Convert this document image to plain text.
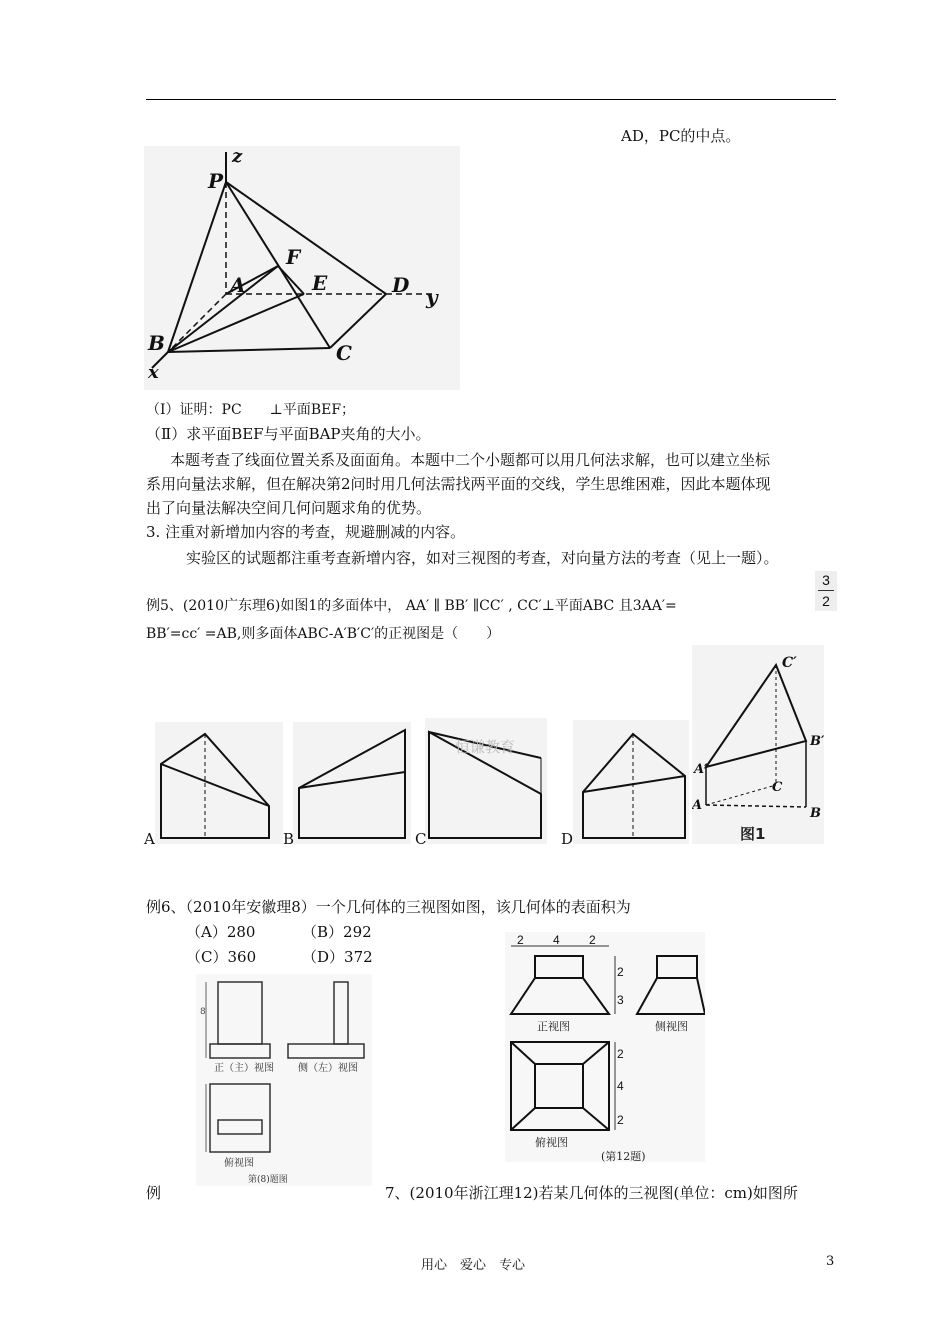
AD，PC的中点。
z
P
F
A	E	D y
B	C
x
（Ⅰ）证明：PC　　⊥平面BEF；
（Ⅱ）求平面BEF与平面BAP夹角的大小。
本题考查了线面位置关系及面面角。本题中二个小题都可以用几何法求解，也可以建立坐标
系用向量法求解，但在解决第2问时用几何法需找两平面的交线，学生思维困难，因此本题体现
出了向量法解决空间几何问题求角的优势。
3. 注重对新增加内容的考查，规避删减的内容。
实验区的试题都注重考查新增内容，如对三视图的考查，对向量方法的考查（见上一题）。
例5、(2010广东理6)如图1的多面体中， AA′ ∥ BB′ ∥CC′ , CC′⊥平面ABC 且3AA′=
3
2
BB′=cc′ =AB,则多面体ABC-A′B′C′的正视图是（　　）
恒谦教育
C′
B′
A′
C
A
B
图1
A	B	C	D
例6、（2010年安徽理8）一个几何体的三视图如图，该几何体的表面积为
（A）280	（B）292
（C）360	（D）372
8
正（主）视图 侧（左）视图
俯视图
第(8)题图
2 4 2
正视图	侧视图
2
3
2
4
2
俯视图
(第12题)
例	7、(2010年浙江理12)若某几何体的三视图(单位：cm)如图所
用心　爱心　专心	3
